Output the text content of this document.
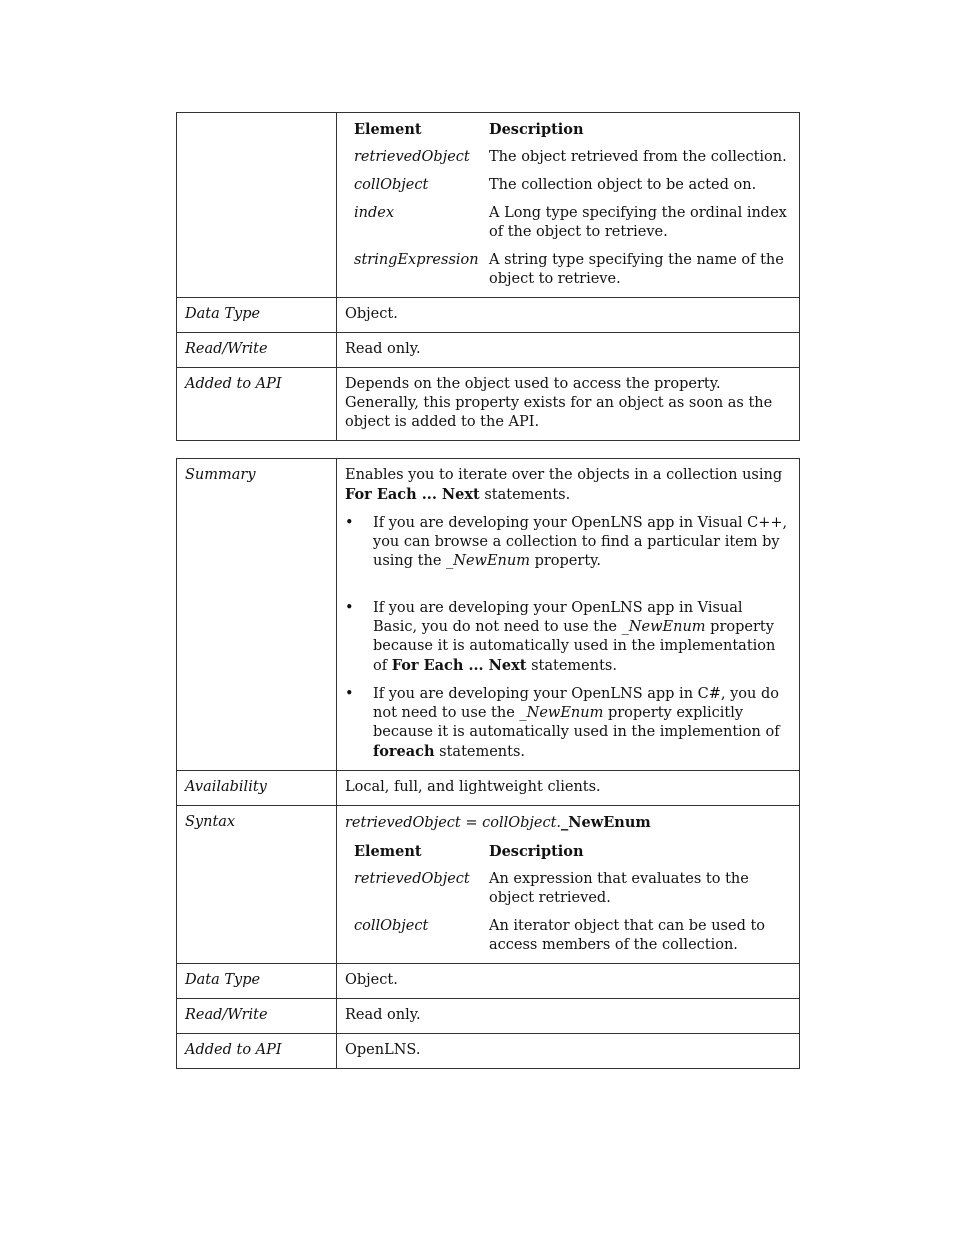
Element	Description
retrievedObject	The object retrieved from the collection.
collObject	The collection object to be acted on.
index	A Long type specifying the ordinal index of the object to retrieve.
stringExpression	A string type specifying the name of the object to retrieve.

Data Type	Object.
Read/Write	Read only.
Added to API	Depends on the object used to access the property. Generally, this property exists for an object as soon as the object is added to the API.
Summary	Enables you to iterate over the objects in a collection using For Each ... Next statements.
• If you are developing your OpenLNS app in Visual C++, you can browse a collection to find a particular item by using the _NewEnum property.
• If you are developing your OpenLNS app in Visual Basic, you do not need to use the _NewEnum property because it is automatically used in the implementation of For Each ... Next statements.
• If you are developing your OpenLNS app in C#, you do not need to use the _NewEnum property explicitly because it is automatically used in the implemention of foreach statements.

Availability	Local, full, and lightweight clients.
Syntax	retrievedObject = collObject._NewEnum
Element	Description
retrievedObject	An expression that evaluates to the object retrieved.
collObject	An iterator object that can be used to access members of the collection.

Data Type	Object.
Read/Write	Read only.
Added to API	OpenLNS.
